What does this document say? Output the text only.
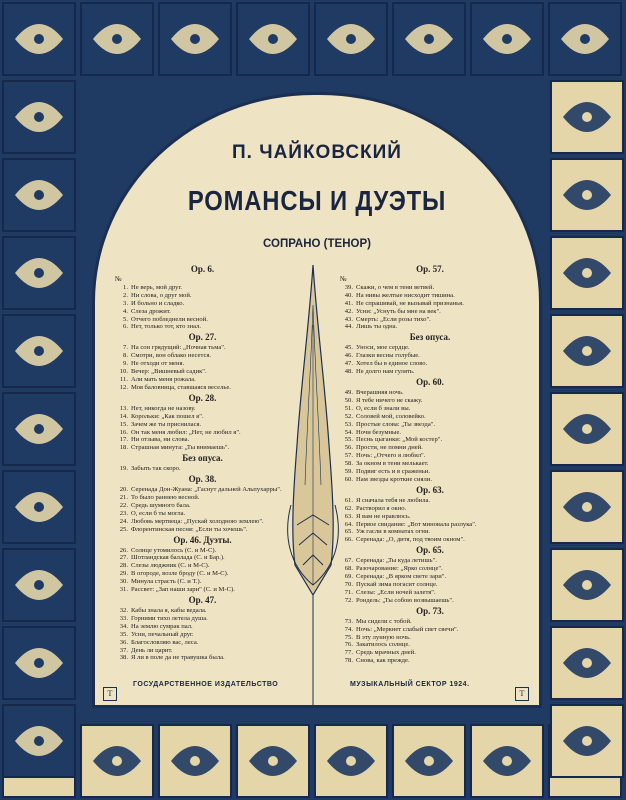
П. ЧАЙКОВСКИЙ
РОМАНСЫ И ДУЭТЫ
СОПРАНО (ТЕНОР)
Ор. 6.
№
1. Не верь, мой друг.
2. Ни слова, о друг мой.
3. И больно и сладко.
4. Слеза дрожит.
5. Отчего побледнели весной.
6. Нет, только тот, кто знал.
Ор. 27.
7. На сон грядущий: „Ночная тьма".
8. Смотри, вон облако несется.
9. Не отходи от меня.
10. Вечер: „Вишневый садик".
11. Али мать меня рожала.
12. Моя баловница, ставшаяся веселье.
Ор. 28.
13. Нет, никогда не назову.
14. Корольки: „Как пошел я".
15. Зачем же ты приснилася.
16. Он так меня любил: „Нет, не любил я".
17. Ни отзыва, ни слова.
18. Страшная минута: „Ты внимаешь".
Без опуса.
19. Забыть так скоро.
Ор. 38.
20. Серенада Дон-Жуана: „Гаснут дальней Альпухарры".
21. То было раннею весной.
22. Средь шумного бала.
23. О, если б ты могла.
24. Любовь мертвеца: „Пускай холодною землею".
25. Флорентинская песня: „Если ты хочешь".
Ор. 46. Дуэты.
26. Солнце утомилось (С. и М-С).
27. Шотландская баллада (С. и Бар.).
28. Слезы люджник (С. и М-С).
29. В огороде, возле броду (С. и М-С).
30. Минула страсть (С. и Т.).
31. Рассвет: „Зап наши зари" (С. и М-С).
Ор. 47.
32. Кабы знала я, кабы ведала.
33. Горними тихо летела душа.
34. На землю сумрак пал.
35. Усни, печальный друг.
36. Благословляю вас, леса.
37. День ли царит.
38. Я ли в поле да не травушка была.
Ор. 57.
№
39. Скажи, о чем в тени ветвей.
40. На нивы желтые нисходит тишина.
41. Не спрашивай, не вызывай признанья.
42. Усни: „Уснуть бы мне на век".
43. Смерть: „Если розы тихо".
44. Лишь ты одна.
Без опуса.
45. Уноси, мое сердце.
46. Глазки весны голубые.
47. Хотел бы в единое слово.
48. Не долго нам гулять.
Ор. 60.
49. Вчерашняя ночь.
50. Я тебе ничего не скажу.
51. О, если б знали вы.
52. Соловей мой, соловейко.
53. Простые слова: „Ты звезда".
54. Ночи безумные.
55. Песнь цыганки: „Мой костер".
56. Прости, не помни дней.
57. Ночь: „Отчего я любил".
58. За окном в тени мелькает.
59. Подвиг есть и в сраженьи.
60. Нам звезды кроткие сияли.
Ор. 63.
61. Я сначала тебя не любила.
62. Растворил я окно.
63. Я вам не нравлюсь.
64. Первое свидание: „Вот миновала разлука".
65. Уж гасли в комнатах огни.
66. Серенада: „О, дитя, под твоим окном".
Ор. 65.
67. Серенада: „Ты куда летишь".
68. Разочарование: „Ярко солнце".
69. Серенада: „В ярком свете зари".
70. Пускай зима погасит солнце.
71. Слезы: „Если ночей залетя".
72. Рондель: „Ты собою возвышаешь".
Ор. 73.
73. Мы сидели с тобой.
74. Ночь: „Меркнет слабый свет свечи".
75. В эту лунную ночь.
76. Закатилось солнце.
77. Средь мрачных дней.
78. Снова, как прежде.
ГОСУДАРСТВЕННОЕ ИЗДАТЕЛЬСТВО	МУЗЫКАЛЬНЫЙ СЕКТОР 1924.
T	T
